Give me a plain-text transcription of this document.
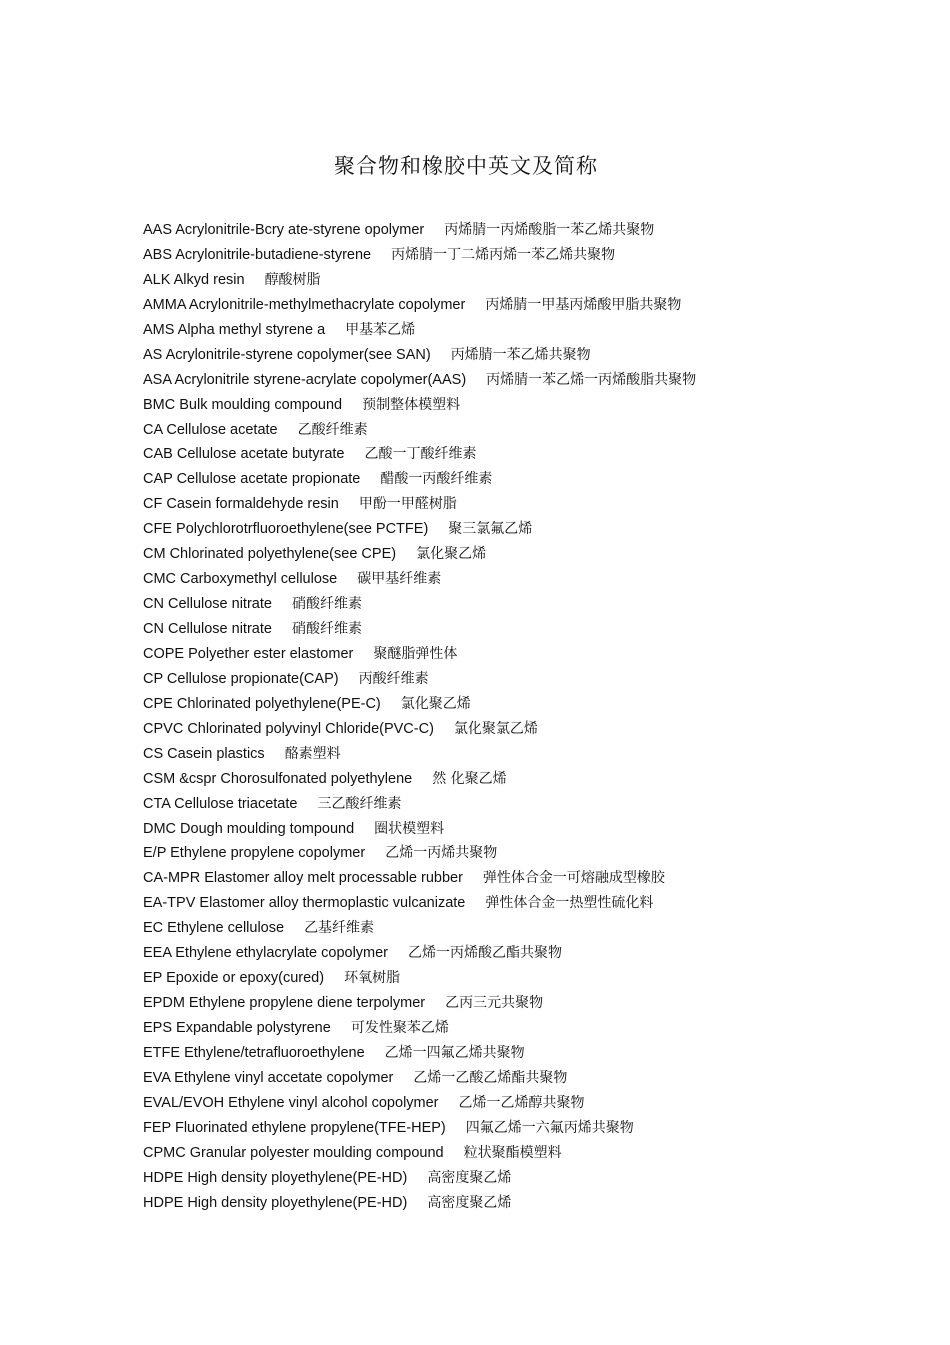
聚合物和橡胶中英文及简称
AAS Acrylonitrile-Bcry ate-styrene opolymer 丙烯腈一丙烯酸脂一苯乙烯共聚物
ABS Acrylonitrile-butadiene-styrene 丙烯腈一丁二烯丙烯一苯乙烯共聚物
ALK Alkyd resin 醇酸树脂
AMMA Acrylonitrile-methylmethacrylate copolymer 丙烯腈一甲基丙烯酸甲脂共聚物
AMS Alpha methyl styrene a 甲基苯乙烯
AS Acrylonitrile-styrene copolymer(see SAN) 丙烯腈一苯乙烯共聚物
ASA Acrylonitrile styrene-acrylate copolymer(AAS) 丙烯腈一苯乙烯一丙烯酸脂共聚物
BMC Bulk moulding compound 预制整体模塑料
CA Cellulose acetate 乙酸纤维素
CAB Cellulose acetate butyrate 乙酸一丁酸纤维素
CAP Cellulose acetate propionate 醋酸一丙酸纤维素
CF Casein formaldehyde resin 甲酚一甲醛树脂
CFE Polychlorotrfluoroethylene(see PCTFE) 聚三氯氟乙烯
CM Chlorinated polyethylene(see CPE) 氯化聚乙烯
CMC Carboxymethyl cellulose 碳甲基纤维素
CN Cellulose nitrate 硝酸纤维素
CN Cellulose nitrate 硝酸纤维素
COPE Polyether ester elastomer 聚醚脂弹性体
CP Cellulose propionate(CAP) 丙酸纤维素
CPE Chlorinated polyethylene(PE-C) 氯化聚乙烯
CPVC Chlorinated polyvinyl Chloride(PVC-C) 氯化聚氯乙烯
CS Casein plastics 酪素塑料
CSM &cspr Chorosulfonated polyethylene 然 化聚乙烯
CTA Cellulose triacetate 三乙酸纤维素
DMC Dough moulding tompound 圈状模塑料
E/P Ethylene propylene copolymer 乙烯一丙烯共聚物
CA-MPR Elastomer alloy melt processable rubber 弹性体合金一可熔融成型橡胶
EA-TPV Elastomer alloy thermoplastic vulcanizate 弹性体合金一热塑性硫化料
EC Ethylene cellulose 乙基纤维素
EEA Ethylene ethylacrylate copolymer 乙烯一丙烯酸乙酯共聚物
EP Epoxide or epoxy(cured) 环氧树脂
EPDM Ethylene propylene diene terpolymer 乙丙三元共聚物
EPS Expandable polystyrene 可发性聚苯乙烯
ETFE Ethylene/tetrafluoroethylene 乙烯一四氟乙烯共聚物
EVA Ethylene vinyl accetate copolymer 乙烯一乙酸乙烯酯共聚物
EVAL/EVOH Ethylene vinyl alcohol copolymer 乙烯一乙烯醇共聚物
FEP Fluorinated ethylene propylene(TFE-HEP) 四氟乙烯一六氟丙烯共聚物
CPMC Granular polyester moulding compound 粒状聚酯模塑料
HDPE High density ployethylene(PE-HD) 高密度聚乙烯
HDPE High density ployethylene(PE-HD) 高密度聚乙烯
